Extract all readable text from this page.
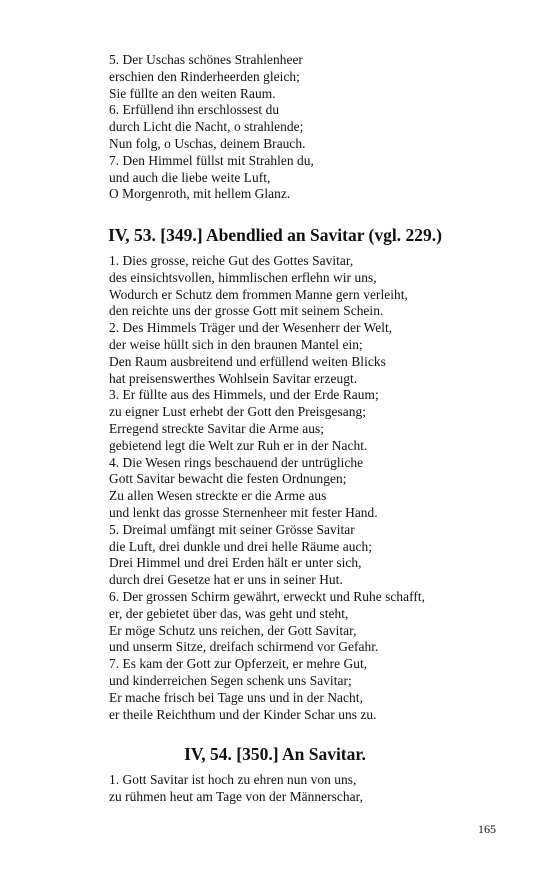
5. Der Uschas schönes Strahlenheer
erschien den Rinderheerden gleich;
Sie füllte an den weiten Raum.
6. Erfüllend ihn erschlossest du
durch Licht die Nacht, o strahlende;
Nun folg, o Uschas, deinem Brauch.
7. Den Himmel füllst mit Strahlen du,
und auch die liebe weite Luft,
O Morgenroth, mit hellem Glanz.
IV, 53. [349.] Abendlied an Savitar (vgl. 229.)
1. Dies grosse, reiche Gut des Gottes Savitar,
des einsichtsvollen, himmlischen erflehn wir uns,
Wodurch er Schutz dem frommen Manne gern verleiht,
den reichte uns der grosse Gott mit seinem Schein.
2. Des Himmels Träger und der Wesenherr der Welt,
der weise hüllt sich in den braunen Mantel ein;
Den Raum ausbreitend und erfüllend weiten Blicks
hat preisenswerthes Wohlsein Savitar erzeugt.
3. Er füllte aus des Himmels, und der Erde Raum;
zu eigner Lust erhebt der Gott den Preisgesang;
Erregend streckte Savitar die Arme aus;
gebietend legt die Welt zur Ruh er in der Nacht.
4. Die Wesen rings beschauend der untrügliche
Gott Savitar bewacht die festen Ordnungen;
Zu allen Wesen streckte er die Arme aus
und lenkt das grosse Sternenheer mit fester Hand.
5. Dreimal umfängt mit seiner Grösse Savitar
die Luft, drei dunkle und drei helle Räume auch;
Drei Himmel und drei Erden hält er unter sich,
durch drei Gesetze hat er uns in seiner Hut.
6. Der grossen Schirm gewährt, erweckt und Ruhe schafft,
er, der gebietet über das, was geht und steht,
Er möge Schutz uns reichen, der Gott Savitar,
und unserm Sitze, dreifach schirmend vor Gefahr.
7. Es kam der Gott zur Opferzeit, er mehre Gut,
und kinderreichen Segen schenk uns Savitar;
Er mache frisch bei Tage uns und in der Nacht,
er theile Reichthum und der Kinder Schar uns zu.
IV, 54. [350.] An Savitar.
1. Gott Savitar ist hoch zu ehren nun von uns,
zu rühmen heut am Tage von der Männerschar,
165
